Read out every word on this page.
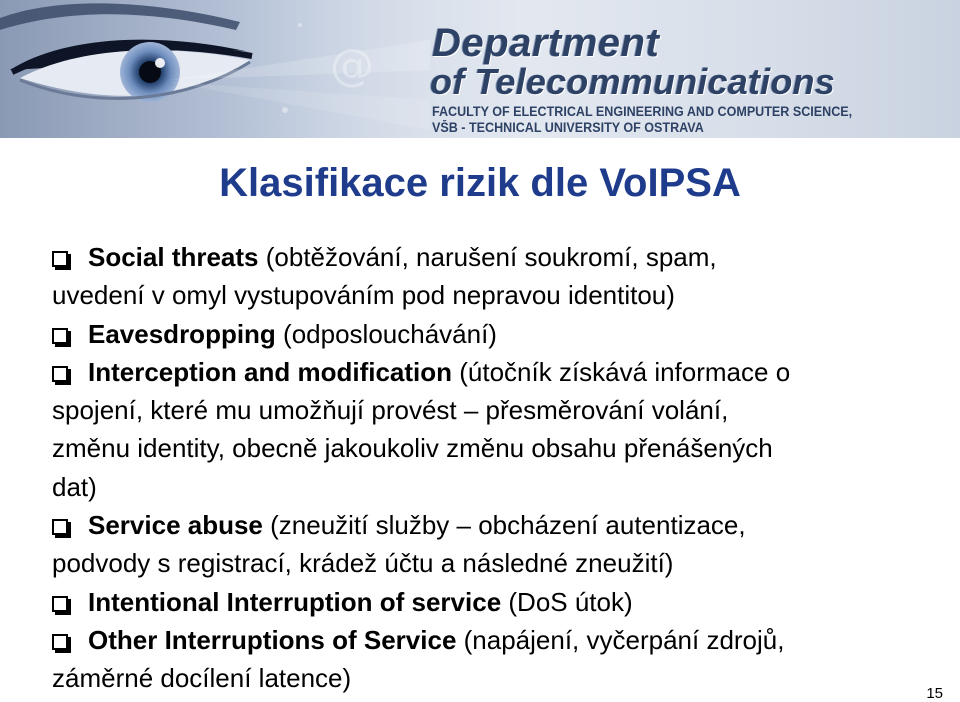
@ Department

of Telecommunications

FACULTY OF ELECTRICAL ENGINEERING AND COMPUTER SCIENCE,

VŠB - TECHNICAL UNIVERSITY OF OSTRAVA

Klasifikace rizik dle VoIPSA

Social threats (obtěžování, narušení soukromí, spam,
uvedení v omyl vystupováním pod nepravou identitou)

Eavesdropping (odposlouchávání)

Interception and modification (útočník získává informace o
spojení, které mu umožňují provést – přesměrování volání,
změnu identity, obecně jakoukoliv změnu obsahu přenášených
dat)

Service abuse (zneužití služby – obcházení autentizace,
podvody s registrací, krádež účtu a následné zneužití)

Intentional Interruption of service (DoS útok)

Other Interruptions of Service (napájení, vyčerpání zdrojů,
záměrné docílení latence)

15
